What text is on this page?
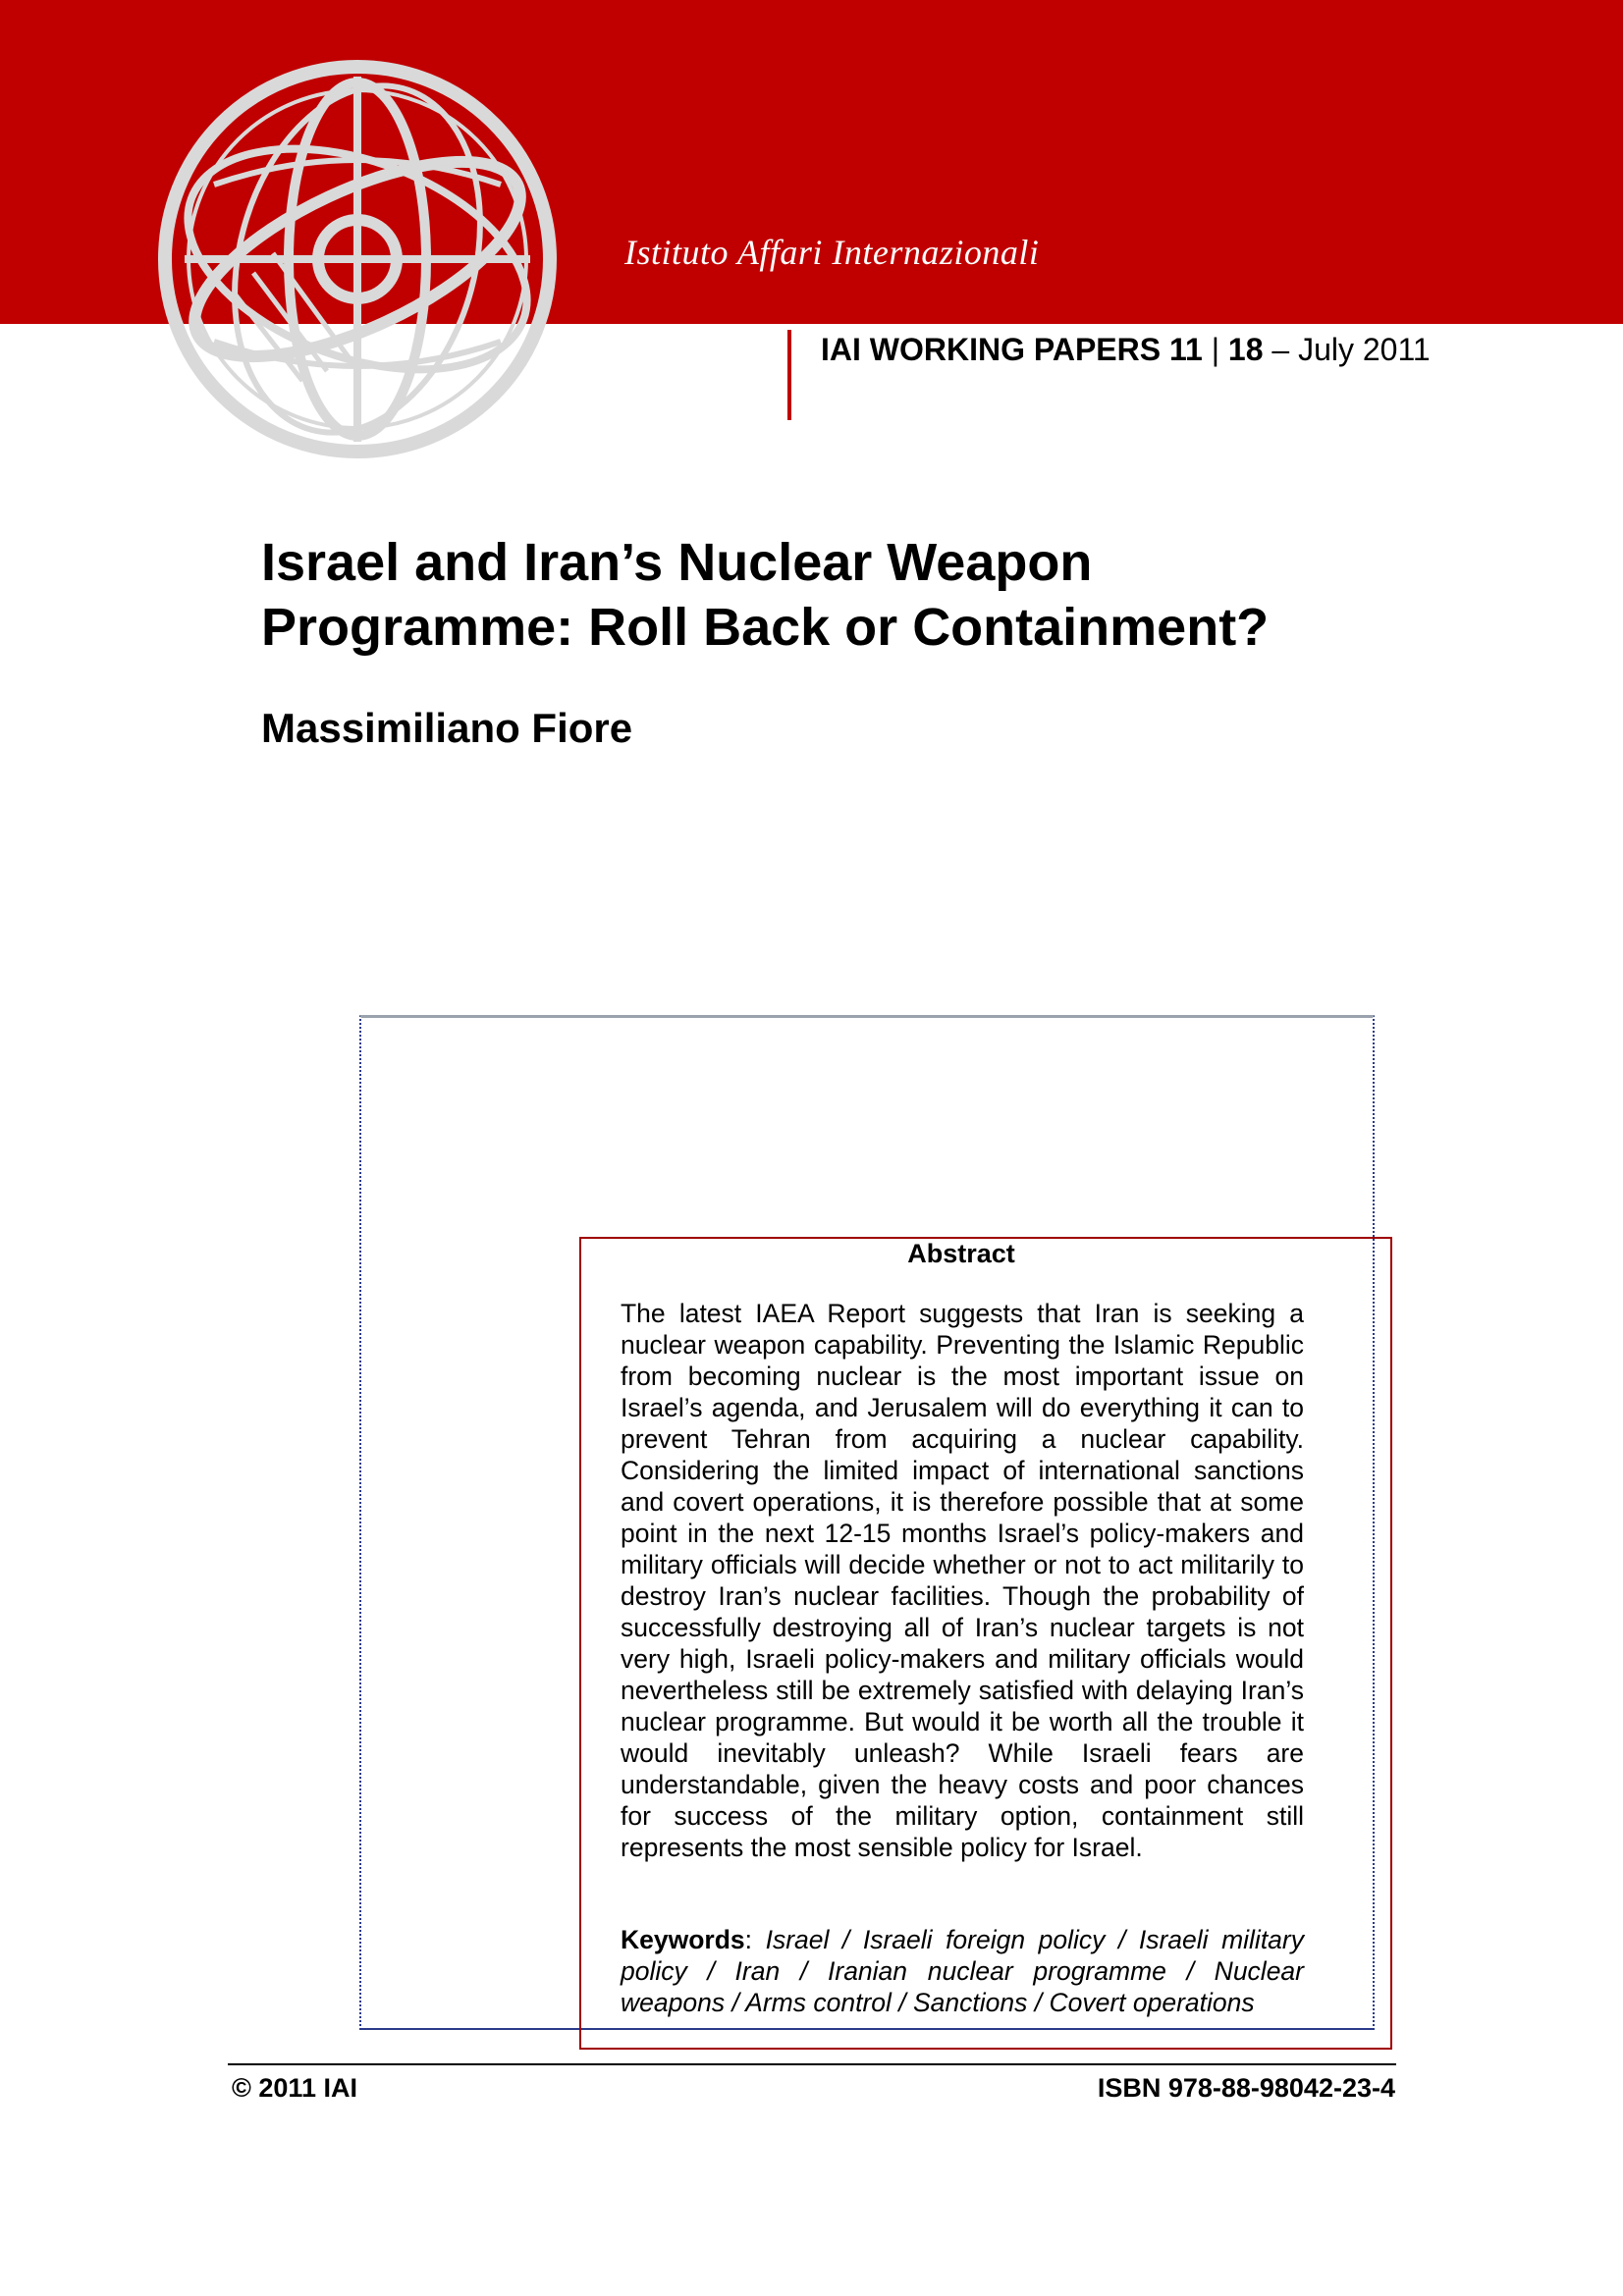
Istituto Affari Internazionali
IAI WORKING PAPERS 11 | 18 – July 2011
Israel and Iran’s Nuclear Weapon
Programme: Roll Back or Containment?
Massimiliano Fiore
Abstract

The latest IAEA Report suggests that Iran is seeking a nuclear weapon capability. Preventing the Islamic Republic from becoming nuclear is the most important issue on Israel’s agenda, and Jerusalem will do everything it can to prevent Tehran from acquiring a nuclear capability. Considering the limited impact of international sanctions and covert operations, it is therefore possible that at some point in the next 12-15 months Israel’s policy-makers and military officials will decide whether or not to act militarily to destroy Iran’s nuclear facilities. Though the probability of successfully destroying all of Iran’s nuclear targets is not very high, Israeli policy-makers and military officials would nevertheless still be extremely satisfied with delaying Iran’s nuclear programme. But would it be worth all the trouble it would inevitably unleash? While Israeli fears are understandable, given the heavy costs and poor chances for success of the military option, containment still represents the most sensible policy for Israel.

Keywords: Israel / Israeli foreign policy / Israeli military policy / Iran / Iranian nuclear programme / Nuclear weapons / Arms control / Sanctions / Covert operations

© 2011 IAI	ISBN 978-88-98042-23-4
